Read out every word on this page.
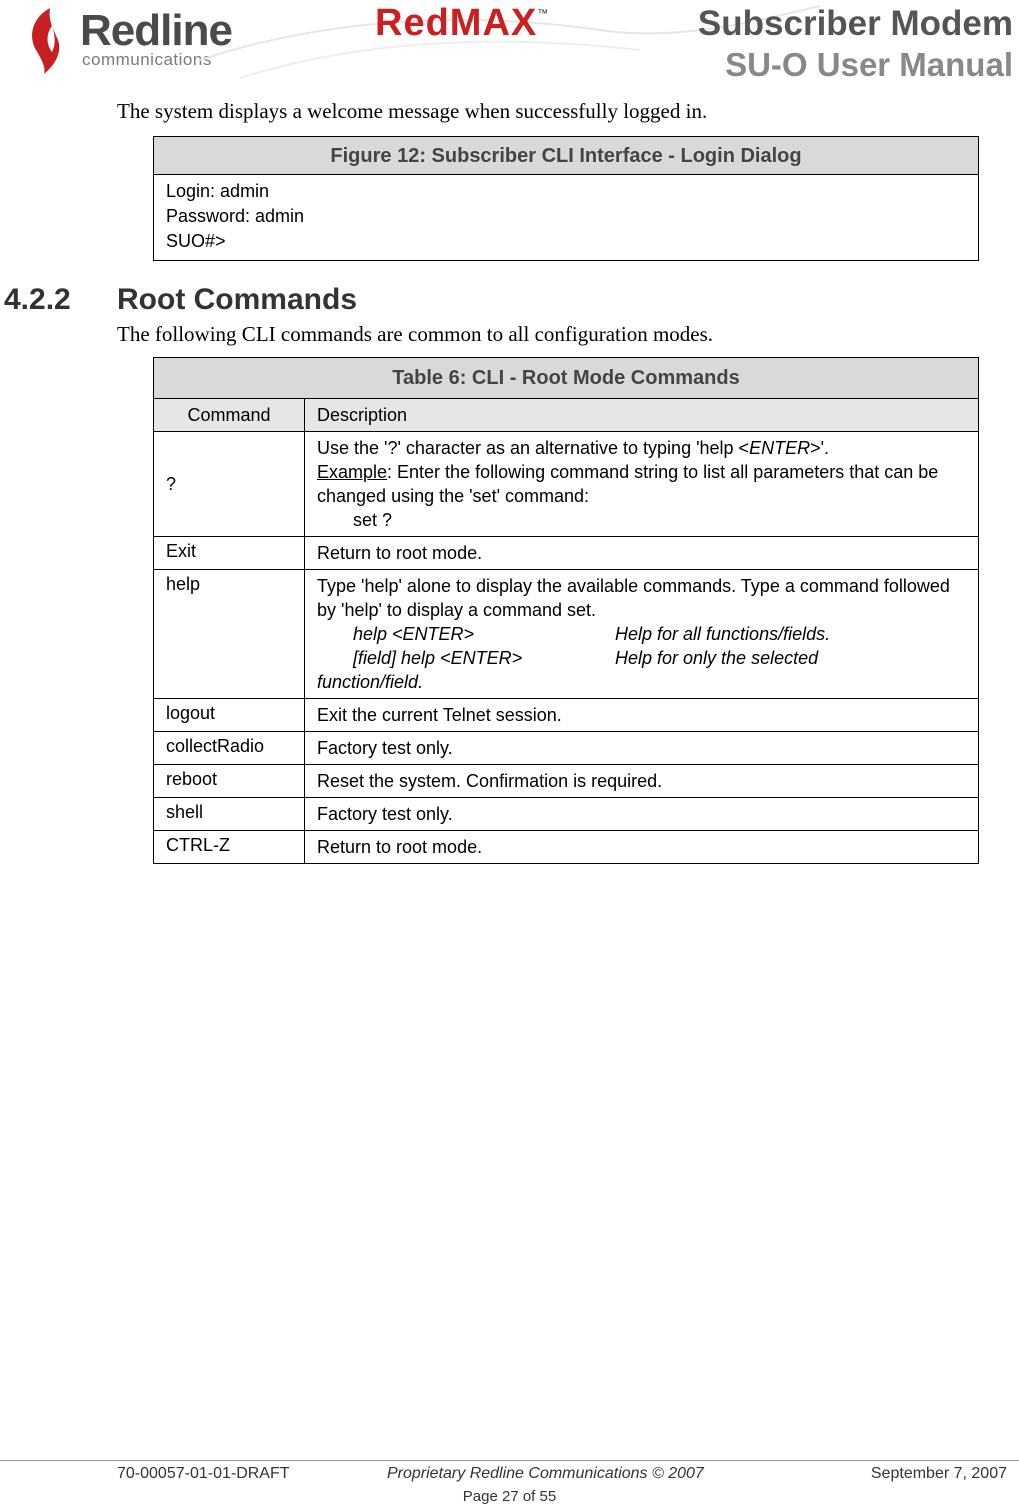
Redline
communications
RedMAX™	Subscriber Modem
SU-O User Manual
The system displays a welcome message when successfully logged in.
Figure 12: Subscriber CLI Interface - Login Dialog
Login: admin
Password: admin
SUO#>
4.2.2 Root Commands
The following CLI commands are common to all configuration modes.
Table 6: CLI - Root Mode Commands	
Command	Description
?	Use the '?' character as an alternative to typing 'help <ENTER>'.
Example: Enter the following command string to list all parameters that can be changed using the 'set' command:
set ?

Exit	Return to root mode.
help	Type 'help' alone to display the available commands. Type a command followed by 'help' to display a command set.
help <ENTER> Help for all functions/fields.
[field] help <ENTER> Help for only the selected
function/field.

logout	Exit the current Telnet session.
collectRadio	Factory test only.
reboot	Reset the system. Confirmation is required.
shell	Factory test only.
CTRL-Z	Return to root mode.
70-00057-01-01-DRAFT	Proprietary Redline Communications © 2007	September 7, 2007
Page 27 of 55
